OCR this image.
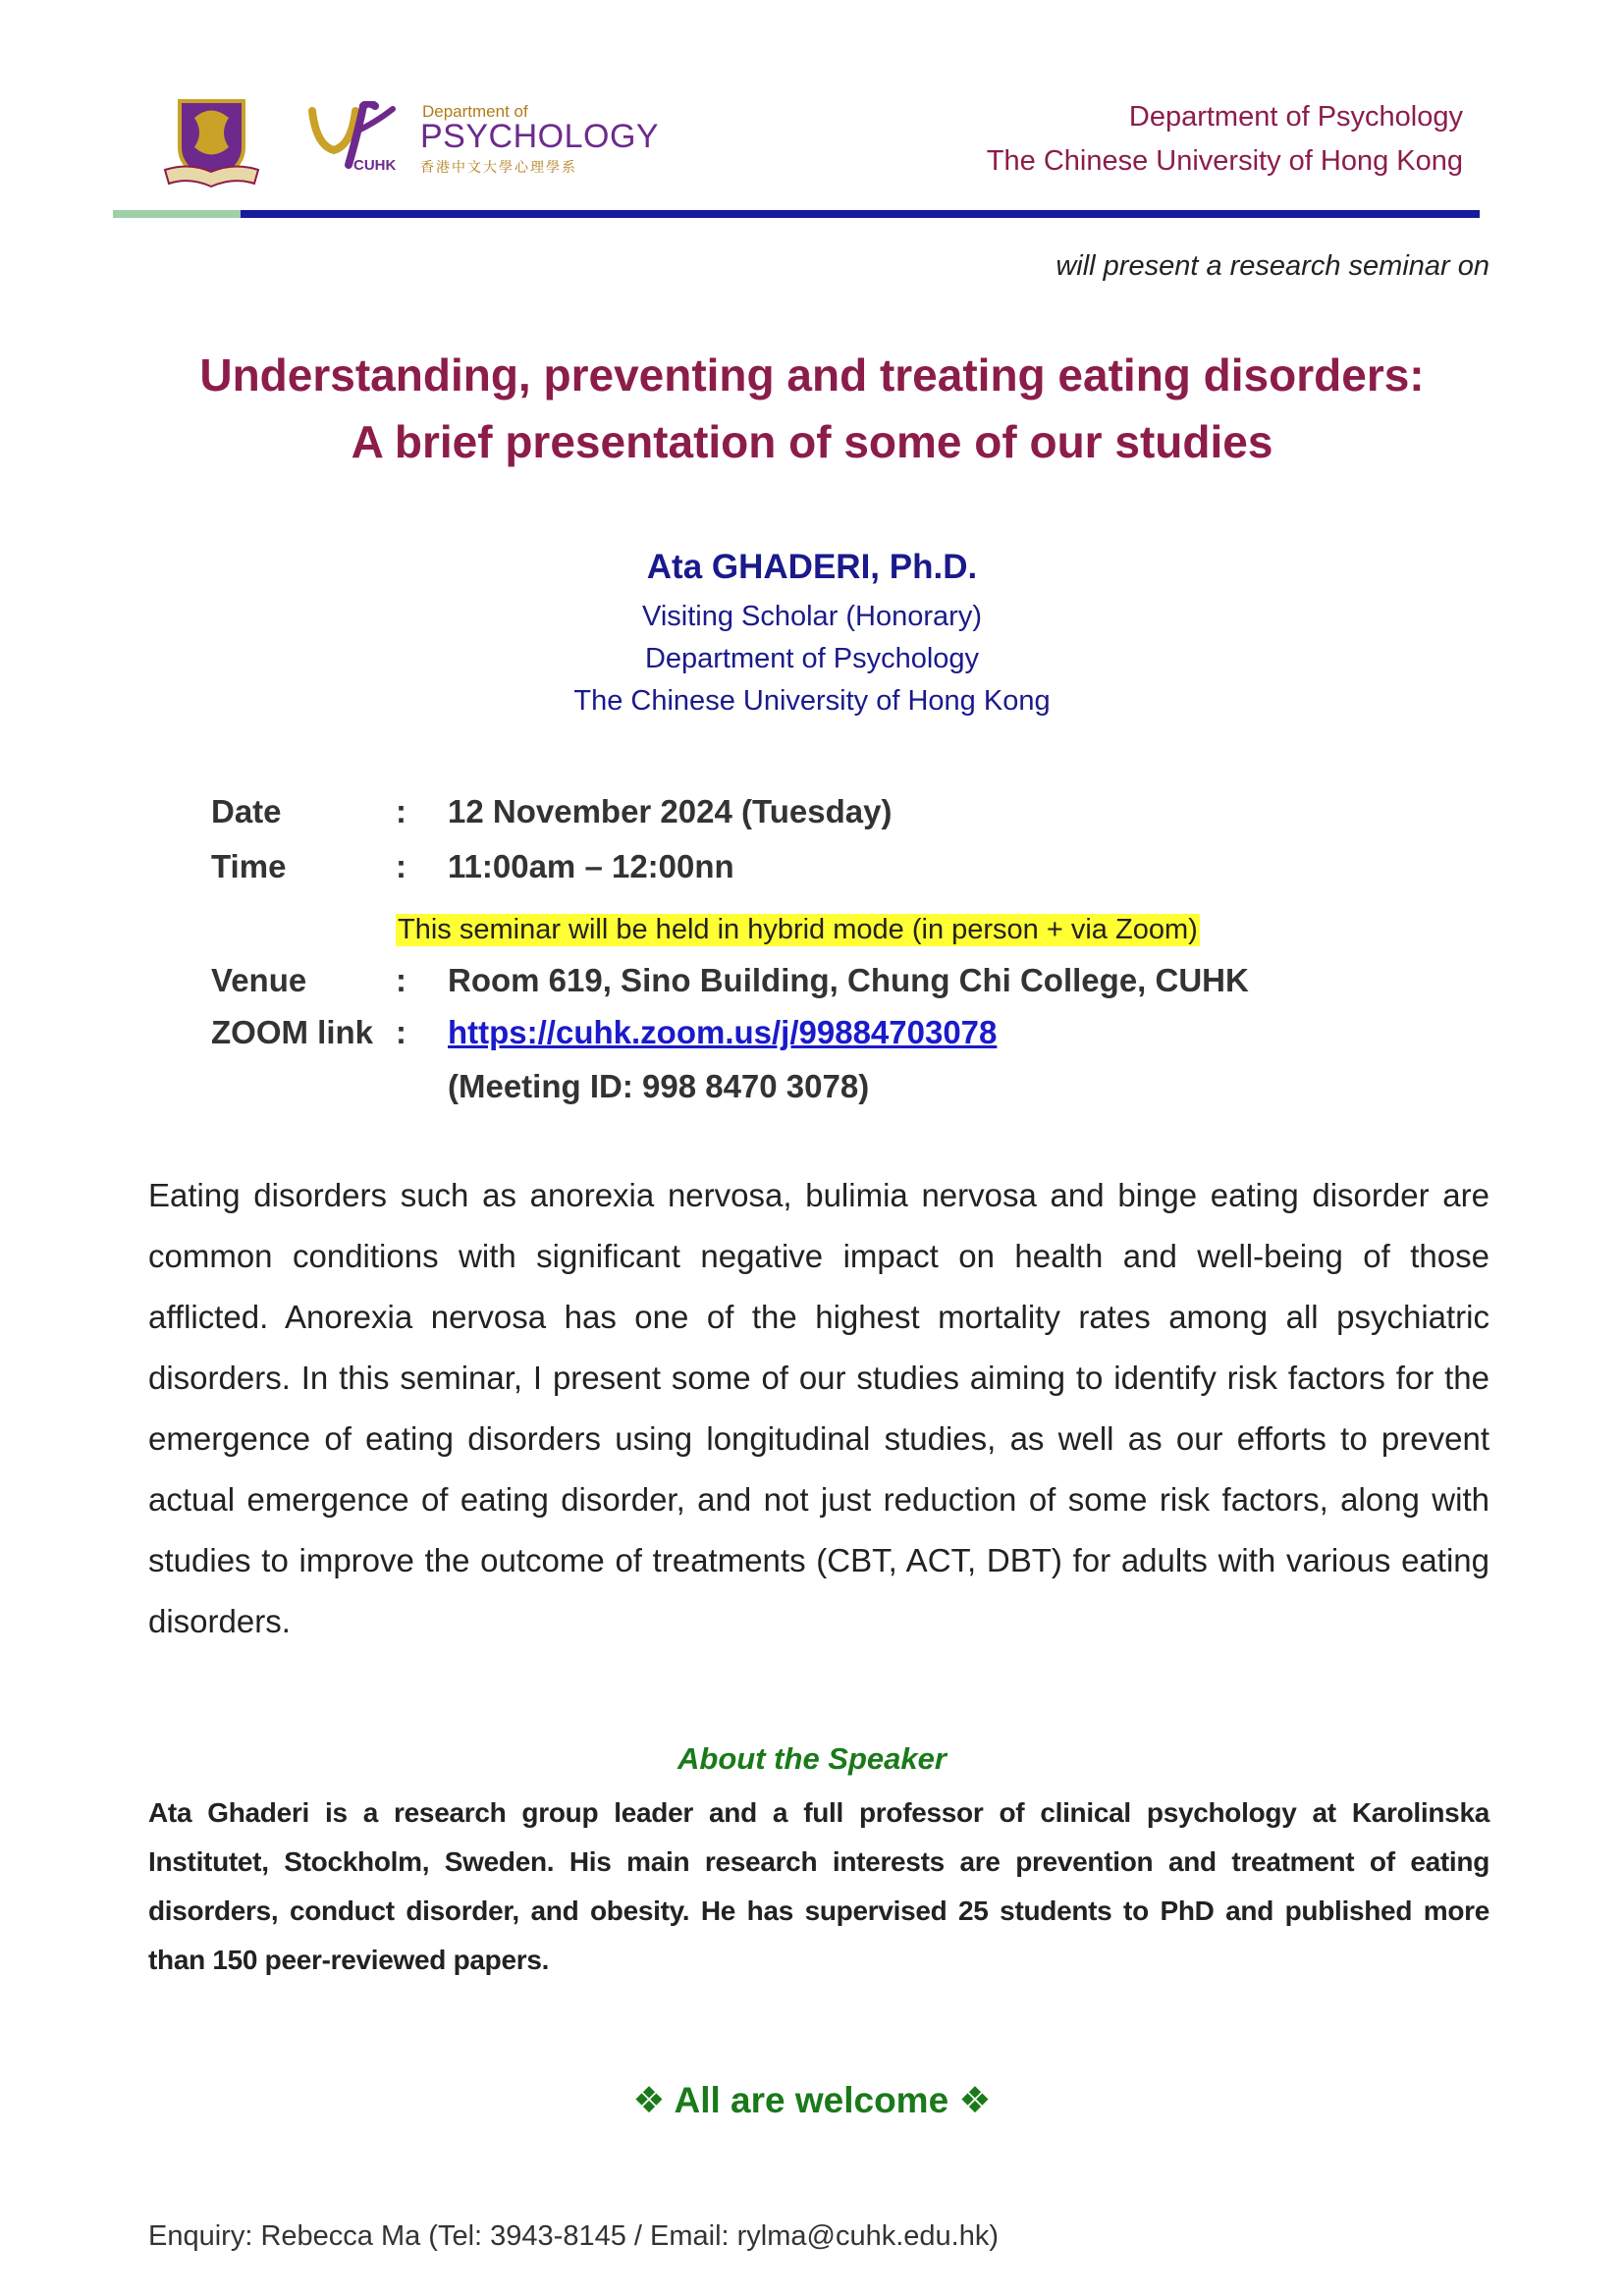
CUHK
Department of
PSYCHOLOGY
香港中文大學心理學系
Department of Psychology
The Chinese University of Hong Kong
will present a research seminar on
Understanding, preventing and treating eating disorders:
A brief presentation of some of our studies
Ata GHADERI, Ph.D.
Visiting Scholar (Honorary)
Department of Psychology
The Chinese University of Hong Kong
Date	: 12 November 2024 (Tuesday)
Time	: 11:00am – 12:00nn
This seminar will be held in hybrid mode (in person + via Zoom)
Venue	: Room 619, Sino Building, Chung Chi College, CUHK
ZOOM link : https://cuhk.zoom.us/j/99884703078
(Meeting ID: 998 8470 3078)
Eating disorders such as anorexia nervosa, bulimia nervosa and binge eating disorder are common conditions with significant negative impact on health and well-being of those afflicted. Anorexia nervosa has one of the highest mortality rates among all psychiatric disorders. In this seminar, I present some of our studies aiming to identify risk factors for the emergence of eating disorders using longitudinal studies, as well as our efforts to prevent actual emergence of eating disorder, and not just reduction of some risk factors, along with studies to improve the outcome of treatments (CBT, ACT, DBT) for adults with various eating disorders.
About the Speaker
Ata Ghaderi is a research group leader and a full professor of clinical psychology at Karolinska Institutet, Stockholm, Sweden. His main research interests are prevention and treatment of eating disorders, conduct disorder, and obesity. He has supervised 25 students to PhD and published more than 150 peer-reviewed papers.
❖ All are welcome ❖
Enquiry: Rebecca Ma (Tel: 3943-8145 / Email: rylma@cuhk.edu.hk)
